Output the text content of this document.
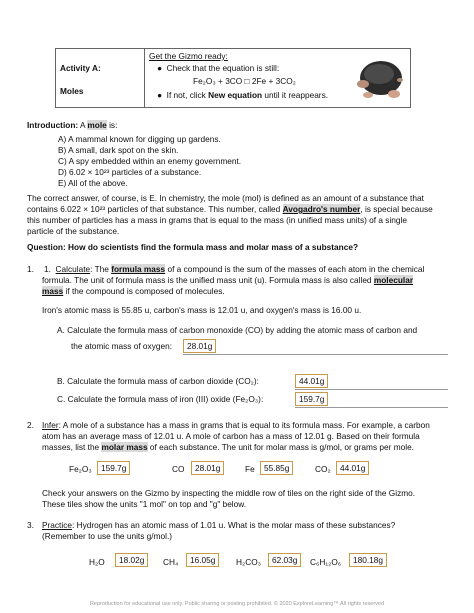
Activity A:
Moles
Get the Gizmo ready:
● Check that the equation is still:
Fe₂O₃ + 3CO □ 2Fe + 3CO₂
● If not, click New equation until it reappears.
Introduction: A mole is:
A) A mammal known for digging up gardens.
B) A small, dark spot on the skin.
C) A spy embedded within an enemy government.
D) 6.02 × 10²³ particles of a substance.
E) All of the above.
The correct answer, of course, is E. In chemistry, the mole (mol) is defined as an amount of a substance that
contains 6.022 × 10²³ particles of that substance. This number, called Avogadro's number, is special because
this number of particles has a mass in grams that is equal to the mass (in unified mass units) of a single
particle of the substance.
Question: How do scientists find the formula mass and molar mass of a substance?
1. 1. Calculate: The formula mass of a compound is the sum of the masses of each atom in the chemical
formula. The unit of formula mass is the unified mass unit (u). Formula mass is also called molecular
mass if the compound is composed of molecules.
Iron's atomic mass is 55.85 u, carbon's mass is 12.01 u, and oxygen's mass is 16.00 u.
A. Calculate the formula mass of carbon monoxide (CO) by adding the atomic mass of carbon and
the atomic mass of oxygen:	28.01g
B. Calculate the formula mass of carbon dioxide (CO₂):	44.01g
C. Calculate the formula mass of iron (III) oxide (Fe₂O₃):	159.7g
2. Infer: A mole of a substance has a mass in grams that is equal to its formula mass. For example, a carbon
atom has an average mass of 12.01 u. A mole of carbon has a mass of 12.01 g. Based on their formula
masses, list the molar mass of each substance. The unit for molar mass is g/mol, or grams per mole.
Fe₂O₃	159.7g	CO	28.01g	Fe	55.85g	CO₂	44.01g
Check your answers on the Gizmo by inspecting the middle row of tiles on the right side of the Gizmo.
These tiles show the units "1 mol" on top and "g" below.
3. Practice: Hydrogen has an atomic mass of 1.01 u. What is the molar mass of these substances?
(Remember to use the units g/mol.)
H₂O	18.02g	CH₄	16.05g	H₂CO₃	62.03g	C₆H₁₂O₆	180.18g
Reproduction for educational use only. Public sharing or posting prohibited. © 2020 ExploreLearning™ All rights reserved
